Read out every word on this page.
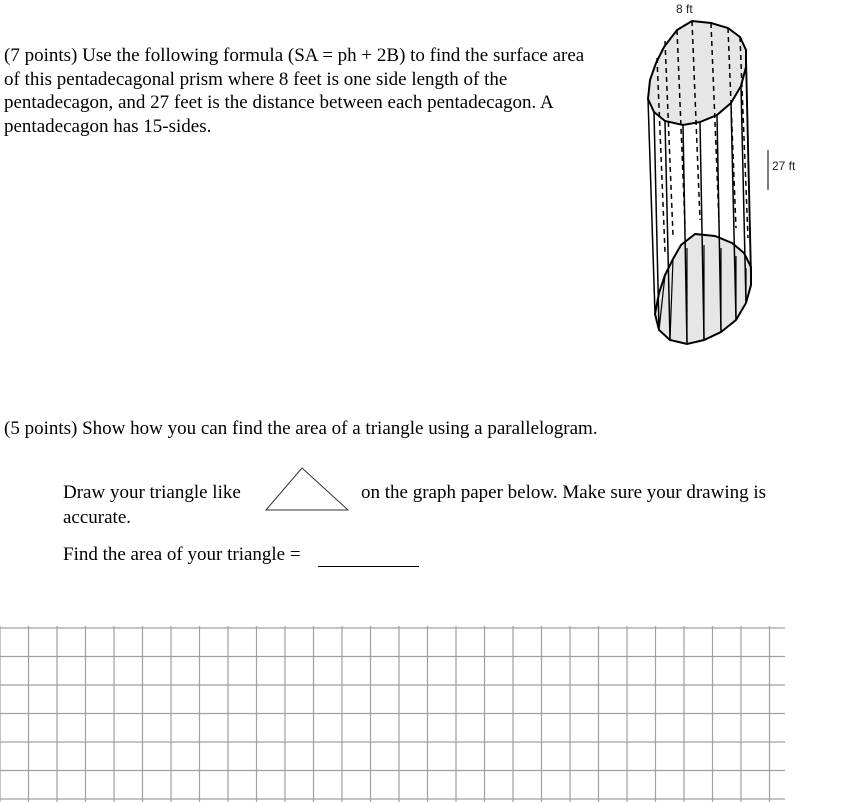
(7 points) Use the following formula (SA = ph + 2B) to find the surface area of this pentadecagonal prism where 8 feet is one side length of the pentadecagon, and 27 feet is the distance between each pentadecagon. A pentadecagon has 15-sides.
8 ft
27 ft
(5 points) Show how you can find the area of a triangle using a parallelogram.
Draw your triangle like	on the graph paper below. Make sure your drawing is
accurate.
Find the area of your triangle =
